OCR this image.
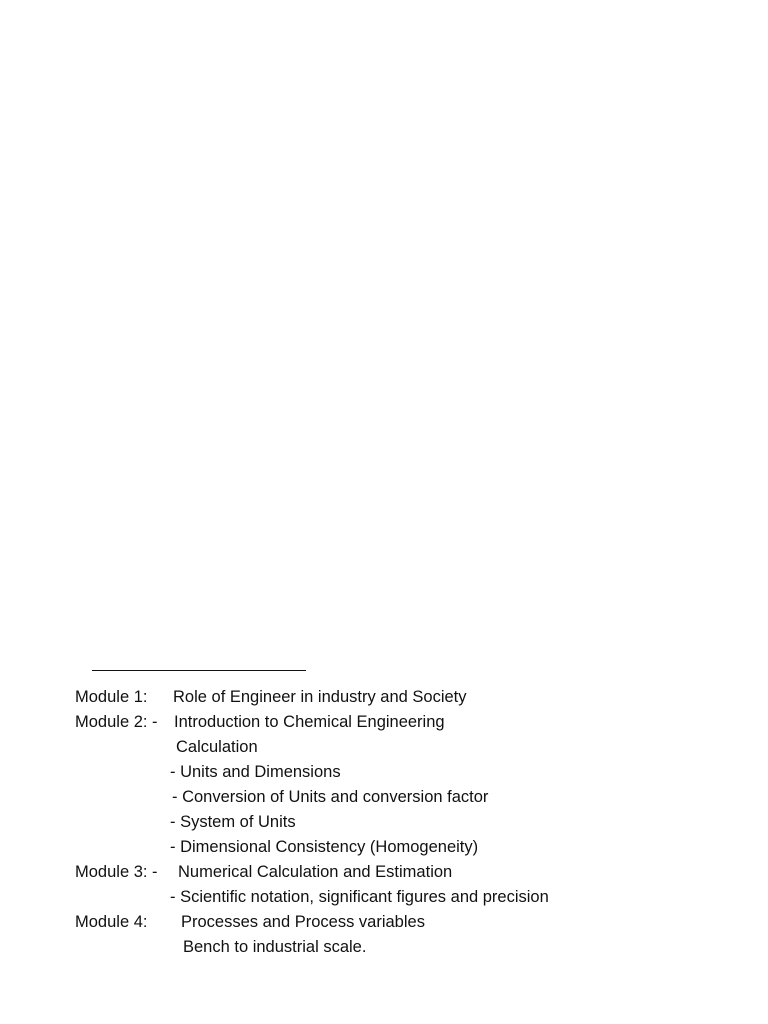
Module 1: Role of Engineer in industry and Society
Module 2: - Introduction to Chemical Engineering
Calculation
- Units and Dimensions
- Conversion of Units and conversion factor
- System of Units
- Dimensional Consistency (Homogeneity)
Module 3: - Numerical Calculation and Estimation
- Scientific notation, significant figures and precision
Module 4: Processes and Process variables
Bench to industrial scale.
